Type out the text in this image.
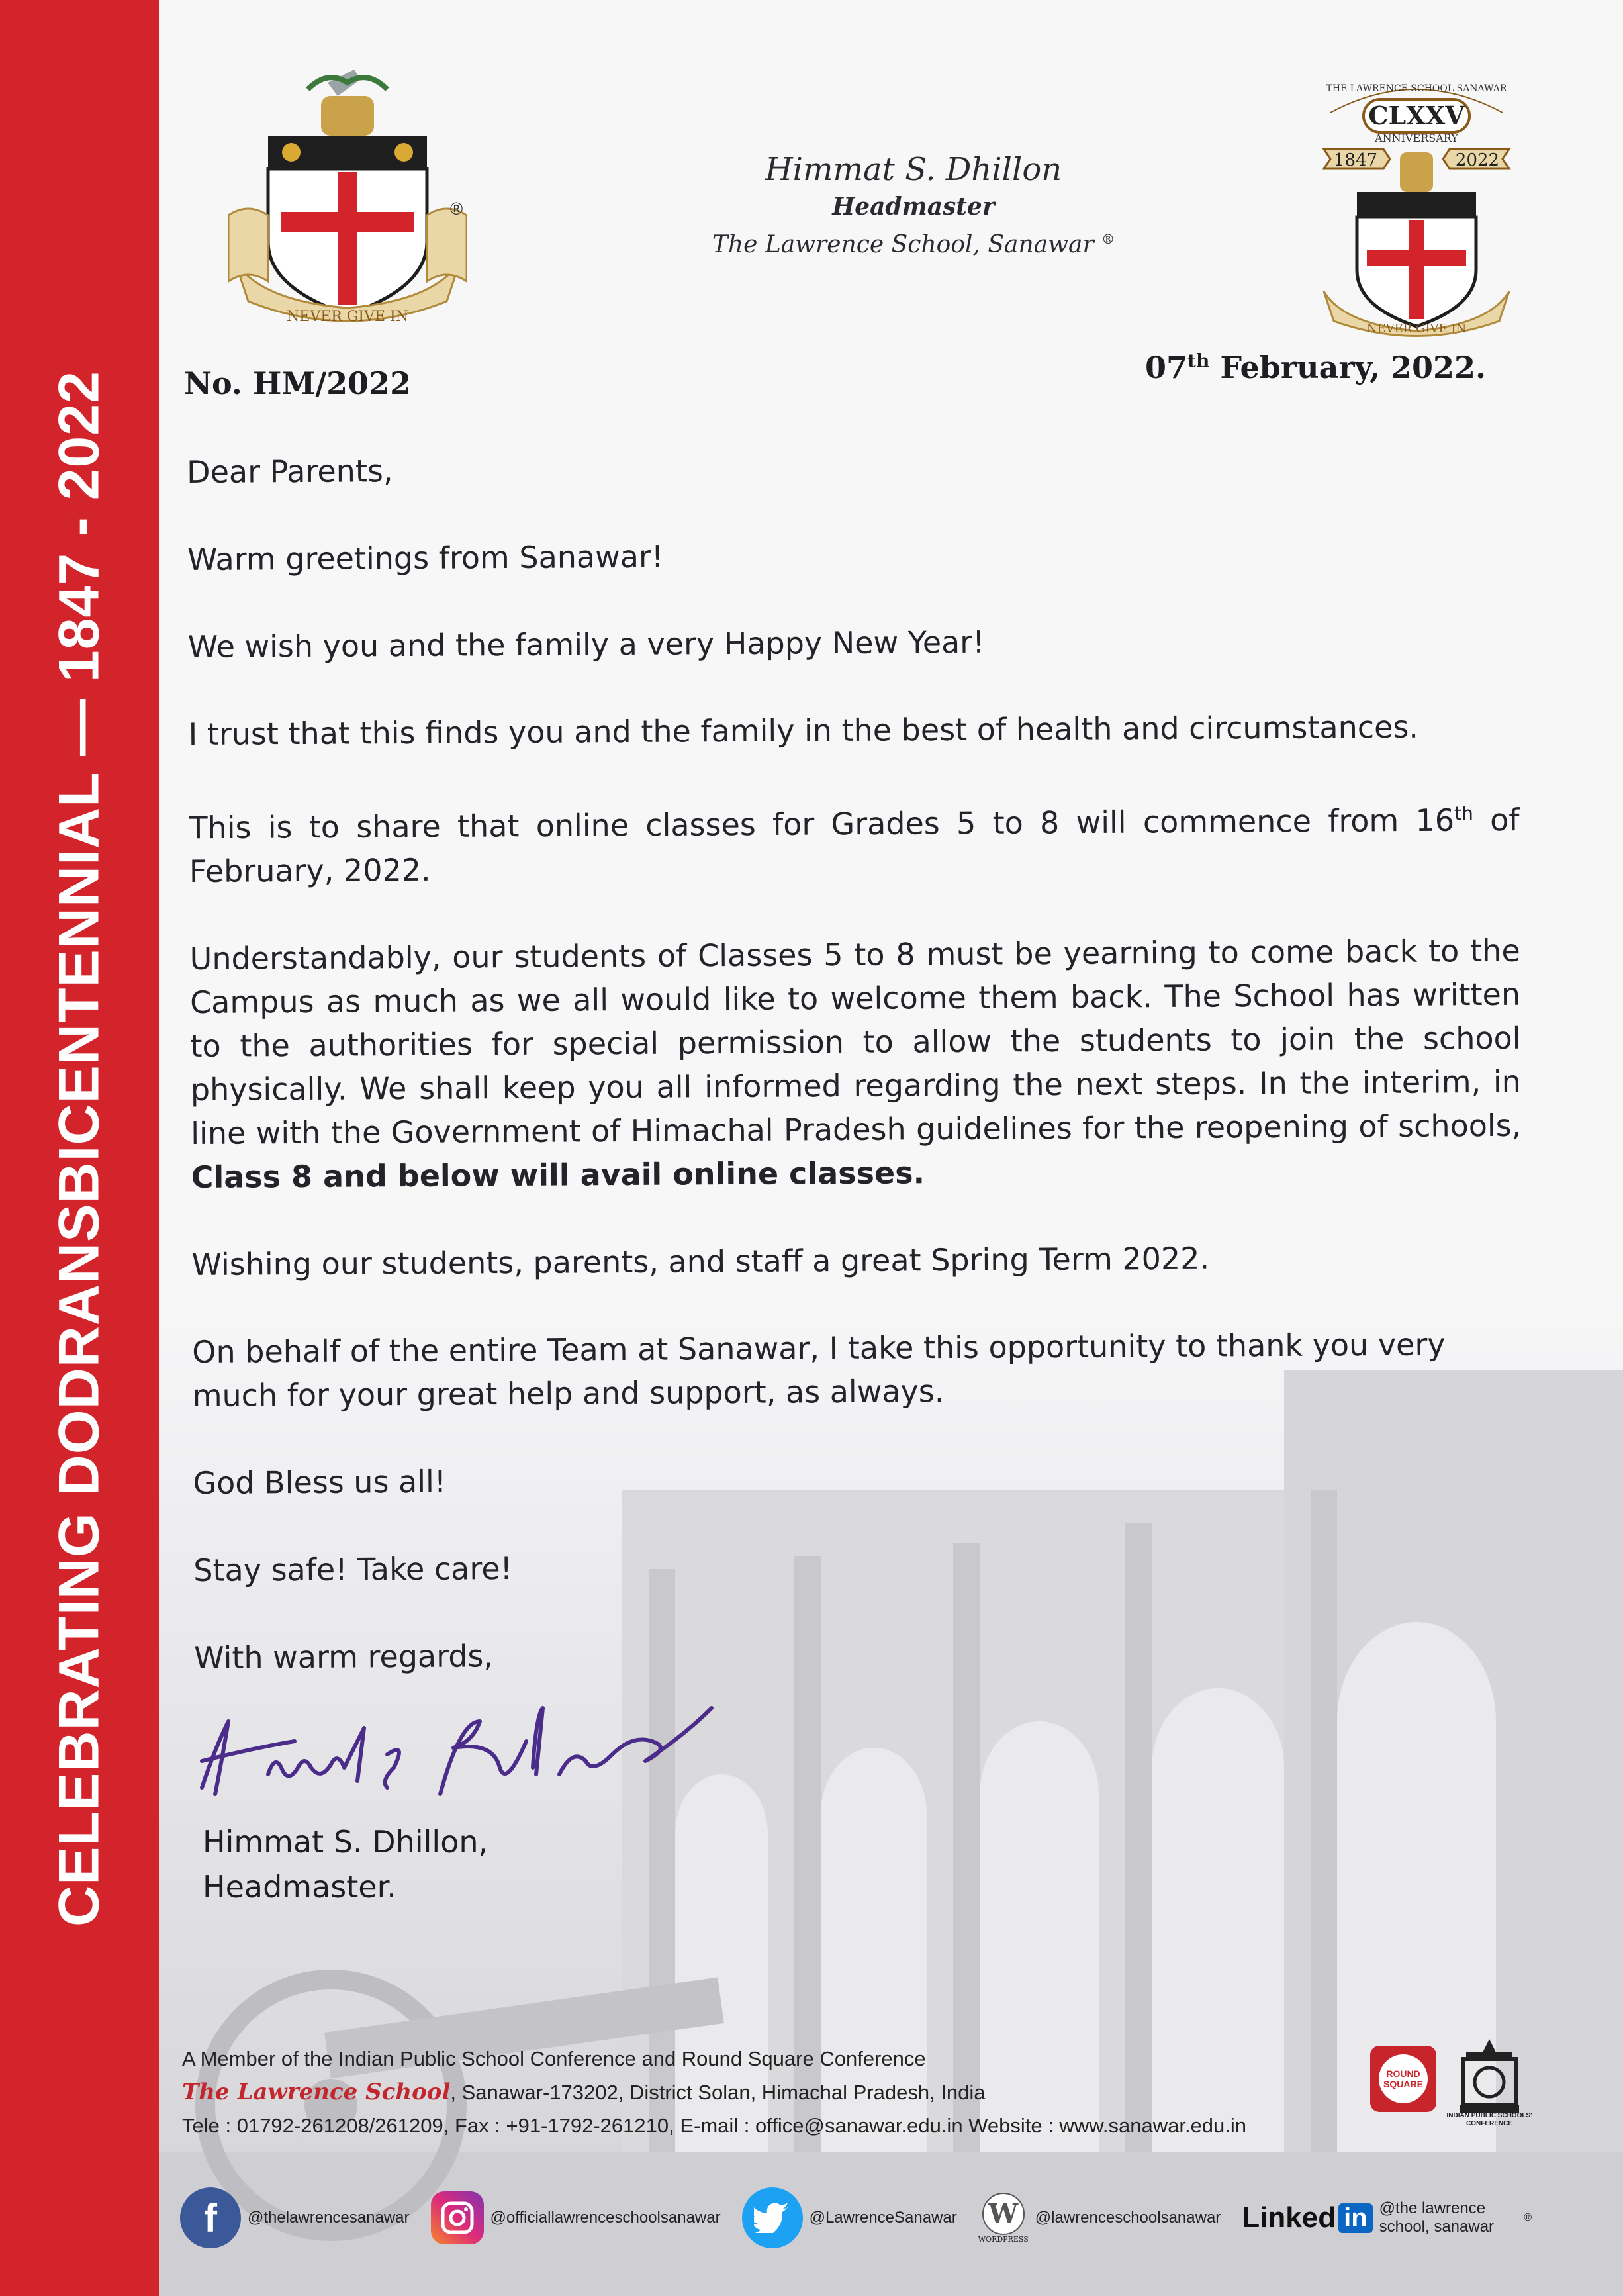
CELEBRATING DODRANSBICENTENNIAL — 1847 - 2022
NEVER GIVE IN
®
Himmat S. Dhillon
Headmaster
The Lawrence School, Sanawar ®
THE LAWRENCE SCHOOL SANAWAR
CLXXV
ANNIVERSARY
1847	2022
NEVER GIVE IN
No. HM/2022	07th February, 2022.

Dear Parents,

Warm greetings from Sanawar!

We wish you and the family a very Happy New Year!

I trust that this finds you and the family in the best of health and circumstances.

This is to share that online classes for Grades 5 to 8 will commence from 16th of February, 2022.

Understandably, our students of Classes 5 to 8 must be yearning to come back to the Campus as much as we all would like to welcome them back. The School has written to the authorities for special permission to allow the students to join the school physically. We shall keep you all informed regarding the next steps. In the interim, in line with the Government of Himachal Pradesh guidelines for the reopening of schools, Class 8 and below will avail online classes.

Wishing our students, parents, and staff a great Spring Term 2022.

On behalf of the entire Team at Sanawar, I take this opportunity to thank you very much for your great help and support, as always.

God Bless us all!

Stay safe! Take care!

With warm regards,

Himmat S. Dhillon,
Headmaster.
A Member of the Indian Public School Conference and Round Square Conference
The Lawrence School, Sanawar-173202, District Solan, Himachal Pradesh, India
Tele : 01792-261208/261209, Fax : +91-1792-261210, E-mail : office@sanawar.edu.in Website : www.sanawar.edu.in
ROUND SQUARE
INDIAN PUBLIC SCHOOLS' CONFERENCE
f	@thelawrencesanawar	@officiallawrenceschoolsanawar	@LawrenceSanawar W
WORDPRESS
@lawrenceschoolsanawar Linked in @the lawrence school, sanawar
®
